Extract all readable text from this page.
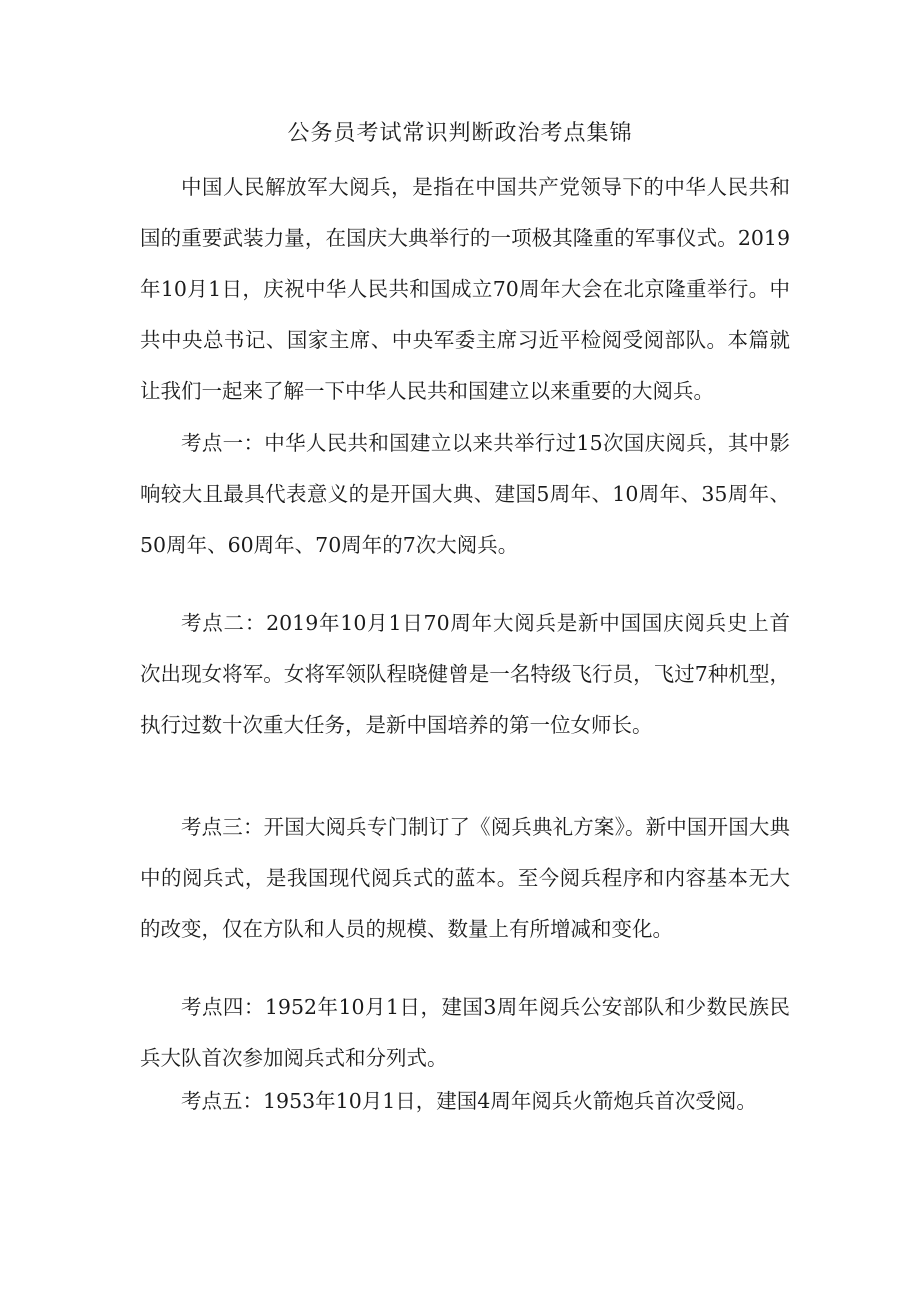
公务员考试常识判断政治考点集锦

中国人民解放军大阅兵，是指在中国共产党领导下的中华人民共和国的重要武装力量，在国庆大典举行的一项极其隆重的军事仪式。2019年10月1日，庆祝中华人民共和国成立70周年大会在北京隆重举行。中共中央总书记、国家主席、中央军委主席习近平检阅受阅部队。本篇就让我们一起来了解一下中华人民共和国建立以来重要的大阅兵。

考点一：中华人民共和国建立以来共举行过15次国庆阅兵，其中影响较大且最具代表意义的是开国大典、建国5周年、10周年、35周年、50周年、60周年、70周年的7次大阅兵。

考点二：2019年10月1日70周年大阅兵是新中国国庆阅兵史上首次出现女将军。女将军领队程晓健曾是一名特级飞行员，飞过7种机型，执行过数十次重大任务，是新中国培养的第一位女师长。

考点三：开国大阅兵专门制订了《阅兵典礼方案》。新中国开国大典中的阅兵式，是我国现代阅兵式的蓝本。至今阅兵程序和内容基本无大的改变，仅在方队和人员的规模、数量上有所增减和变化。

考点四：1952年10月1日，建国3周年阅兵公安部队和少数民族民兵大队首次参加阅兵式和分列式。

考点五：1953年10月1日，建国4周年阅兵火箭炮兵首次受阅。
